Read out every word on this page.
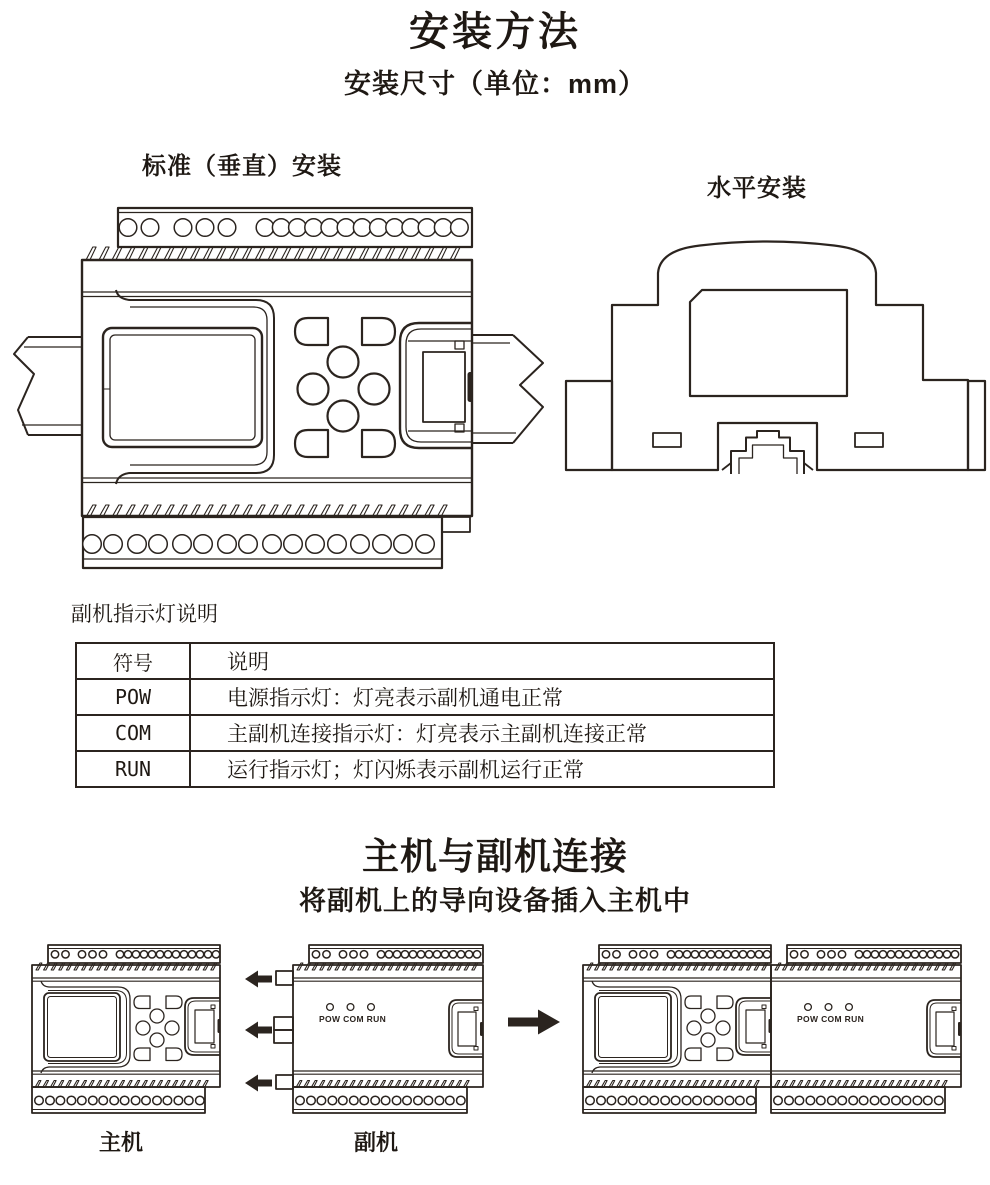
安装方法
安装尺寸（单位：mm）
标准（垂直）安装
水平安装
POW COM RUN
副机指示灯说明
符号	说明
POW	电源指示灯：灯亮表示副机通电正常
COM	主副机连接指示灯：灯亮表示主副机连接正常
RUN	运行指示灯；灯闪烁表示副机运行正常
主机与副机连接
将副机上的导向设备插入主机中
主机	副机
